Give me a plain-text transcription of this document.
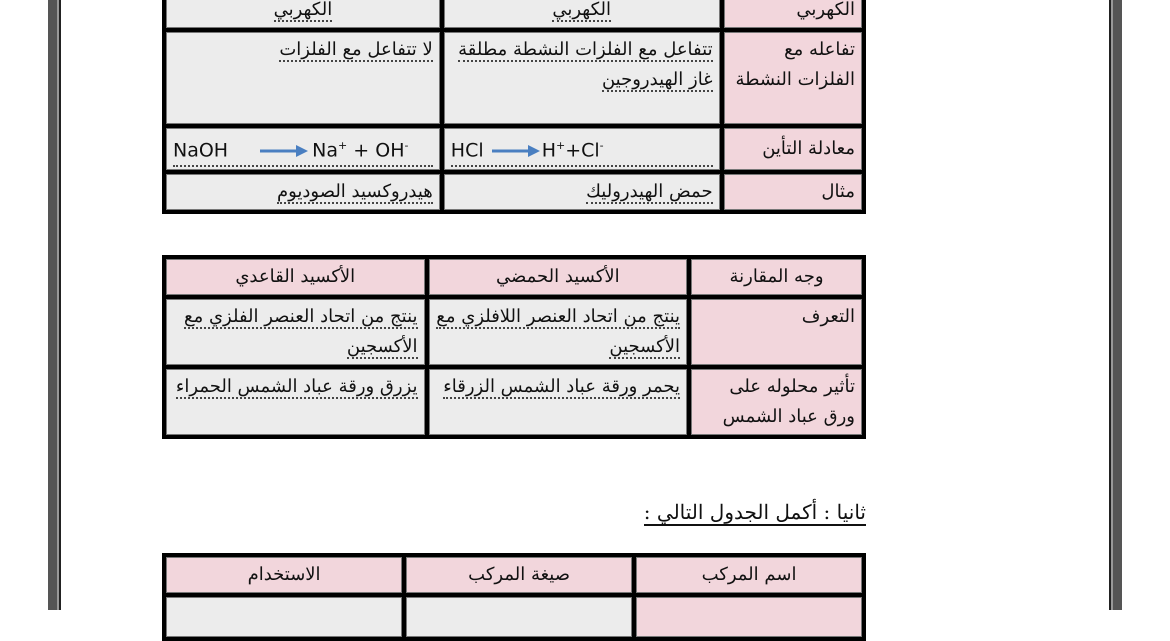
الكهربي	الكهربي	الكهربي
تفاعله مع الفلزات النشطة	تتفاعل مع الفلزات النشطة مطلقة غاز الهيدروجين	لا تتفاعل مع الفلزات
معادلة التأين	HCl → H++Cl-	NaOH → Na+ + OH-

مثال	حمض الهيدروليك	هيدروكسيد الصوديوم
وجه المقارنة	الأكسيد الحمضي	الأكسيد القاعدي
التعرف	ينتج من اتحاد العنصر اللافلزي مع الأكسجين	ينتج من اتحاد العنصر الفلزي مع الأكسجين
تأثير محلوله على ورق عباد الشمس	يحمر ورقة عباد الشمس الزرقاء	يزرق ورقة عباد الشمس الحمراء
ثانيا : أكمل الجدول التالي :
اسم المركب	صيغة المركب	الاستخدام
